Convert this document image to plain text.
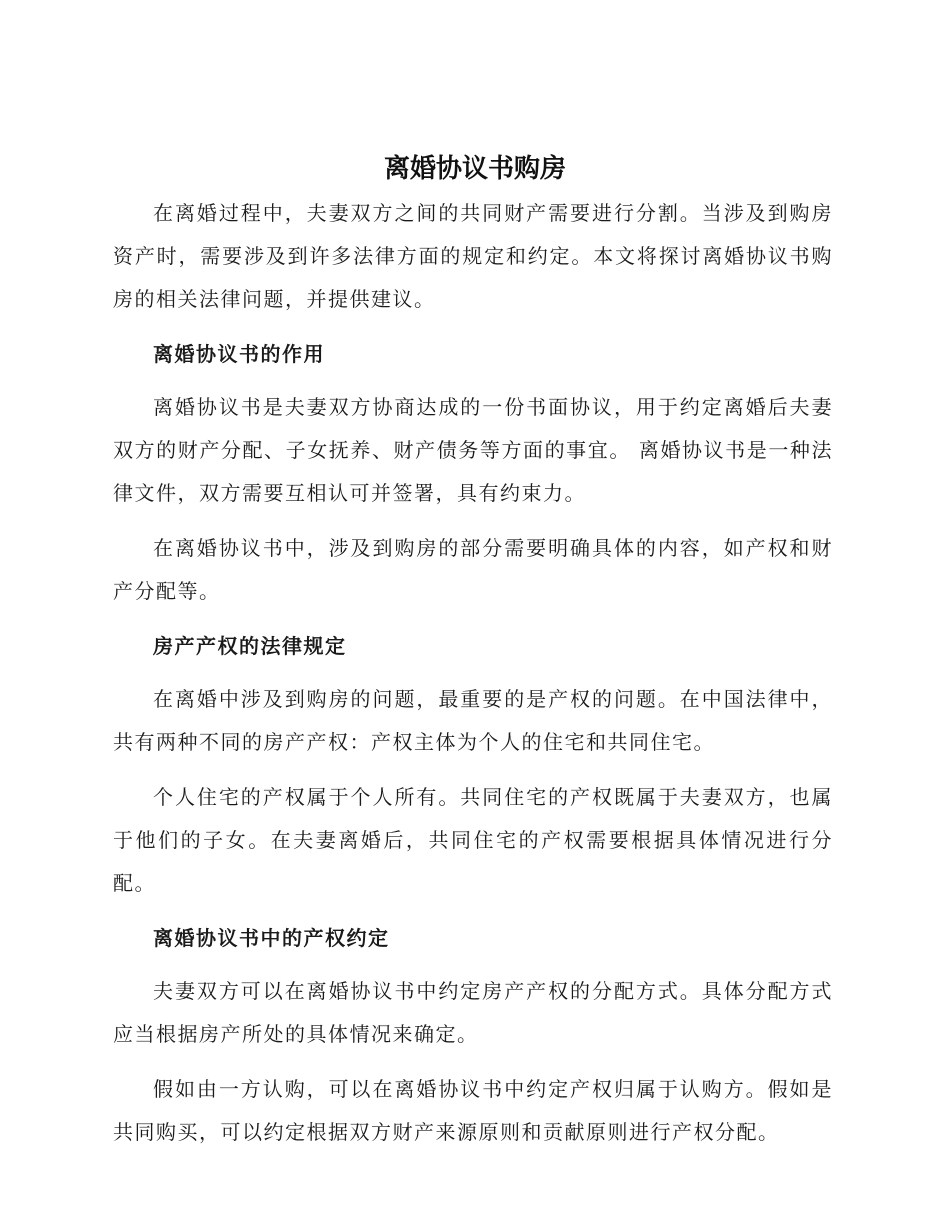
离婚协议书购房

在离婚过程中，夫妻双方之间的共同财产需要进行分割。当涉及到购房资产时，需要涉及到许多法律方面的规定和约定。本文将探讨离婚协议书购房的相关法律问题，并提供建议。

离婚协议书的作用

离婚协议书是夫妻双方协商达成的一份书面协议，用于约定离婚后夫妻双方的财产分配、子女抚养、财产债务等方面的事宜。 离婚协议书是一种法律文件，双方需要互相认可并签署，具有约束力。

在离婚协议书中，涉及到购房的部分需要明确具体的内容，如产权和财产分配等。

房产产权的法律规定

在离婚中涉及到购房的问题，最重要的是产权的问题。在中国法律中，共有两种不同的房产产权：产权主体为个人的住宅和共同住宅。

个人住宅的产权属于个人所有。共同住宅的产权既属于夫妻双方，也属于他们的子女。在夫妻离婚后，共同住宅的产权需要根据具体情况进行分配。

离婚协议书中的产权约定

夫妻双方可以在离婚协议书中约定房产产权的分配方式。具体分配方式应当根据房产所处的具体情况来确定。

假如由一方认购，可以在离婚协议书中约定产权归属于认购方。假如是共同购买，可以约定根据双方财产来源原则和贡献原则进行产权分配。
